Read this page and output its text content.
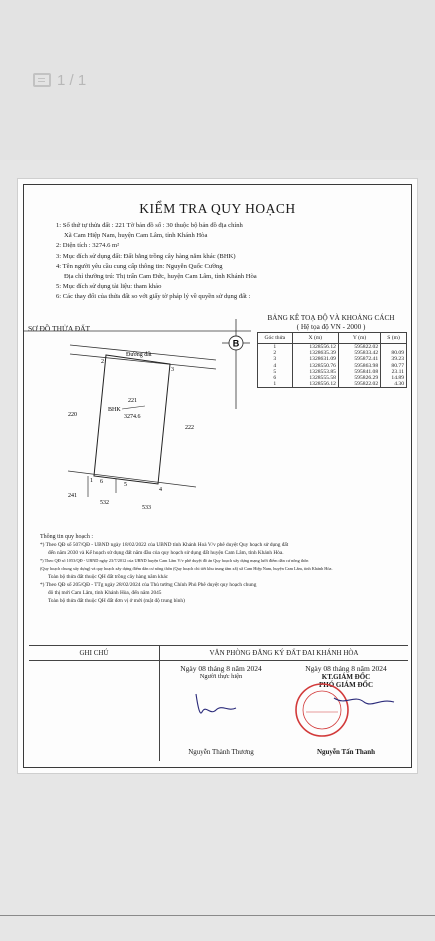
1 / 1
KIỂM TRA QUY HOẠCH
1: Số thứ tự thửa đất : 221 Tờ bản đồ số : 30 thuộc bộ bản đồ địa chính
Xã Cam Hiệp Nam, huyện Cam Lâm, tỉnh Khánh Hòa
2: Diện tích : 3274.6 m²
3: Mục đích sử dụng đất: Đất bằng trồng cây hàng năm khác (BHK)
4: Tên người yêu cầu cung cấp thông tin: Nguyễn Quốc Cường
Địa chỉ thường trú: Thị trấn Cam Đức, huyện Cam Lâm, tỉnh Khánh Hòa
5: Mục đích sử dụng tài liệu: tham khảo
6: Các thay đổi của thửa đất so với giấy tờ pháp lý về quyền sử dụng đất :
SƠ ĐỒ THỬA ĐẤT
B
Đường đất
2
3
1 6	5
4
221
BHK
3274.6
220
222
241
532
533
BẢNG KÊ TOẠ ĐỘ VÀ KHOẢNG CÁCH
( Hệ tọa độ VN - 2000 )
Góc thửa	X (m)	Y (m)	S (m)
1	1328556.12	595822.02	
2	1328635.39	595833.42	80.09
3	1328631.09	595872.41	39.23
4	1328550.76	595863.98	80.77
5	1328553.85	595841.08	23.11
6	1328555.58	595826.29	14.89
1	1328556.12	595822.02	4.30
Thông tin quy hoạch :
*) Theo QĐ số 507/QĐ - UBND ngày 18/02/2022 của UBND tỉnh Khánh Hoà V/v phê duyệt Quy hoạch sử dụng đất
đến năm 2030 và Kế hoạch sử dụng đất năm đầu của quy hoạch sử dụng đất huyện Cam Lâm, tỉnh Khánh Hòa.
*) Theo QĐ số 1053/QĐ - UBND ngày 23/7/2012 của UBND huyện Cam Lâm V/v phê duyệt đồ án Quy hoạch xây dựng mạng lưới điểm dân cư nông thôn
(Quy hoạch chung xây dựng) và quy hoạch xây dựng điểm dân cư nông thôn (Quy hoạch chi tiết khu trung tâm xã) xã Cam Hiệp Nam, huyện Cam Lâm, tỉnh Khánh Hòa.
Toàn bộ thửa đất thuộc QH đất trồng cây hàng năm khác
*) Theo QĐ số 205/QĐ - TTg ngày 28/02/2024 của Thủ tướng Chính Phủ Phê duyệt quy hoạch chung
đô thị mới Cam Lâm, tỉnh Khánh Hòa, đến năm 2045
Toàn bộ thửa đất thuộc QH đất đơn vị ở mới (mật độ trung bình)
GHI CHÚ	VĂN PHÒNG ĐĂNG KÝ ĐẤT ĐAI KHÁNH HÒA
Ngày 08 tháng 8 năm 2024
Người thực hiện
Nguyễn Thành Thương
Ngày 08 tháng 8 năm 2024
KT.GIÁM ĐỐC
PHÓ GIÁM ĐỐC
Nguyễn Tấn Thanh
